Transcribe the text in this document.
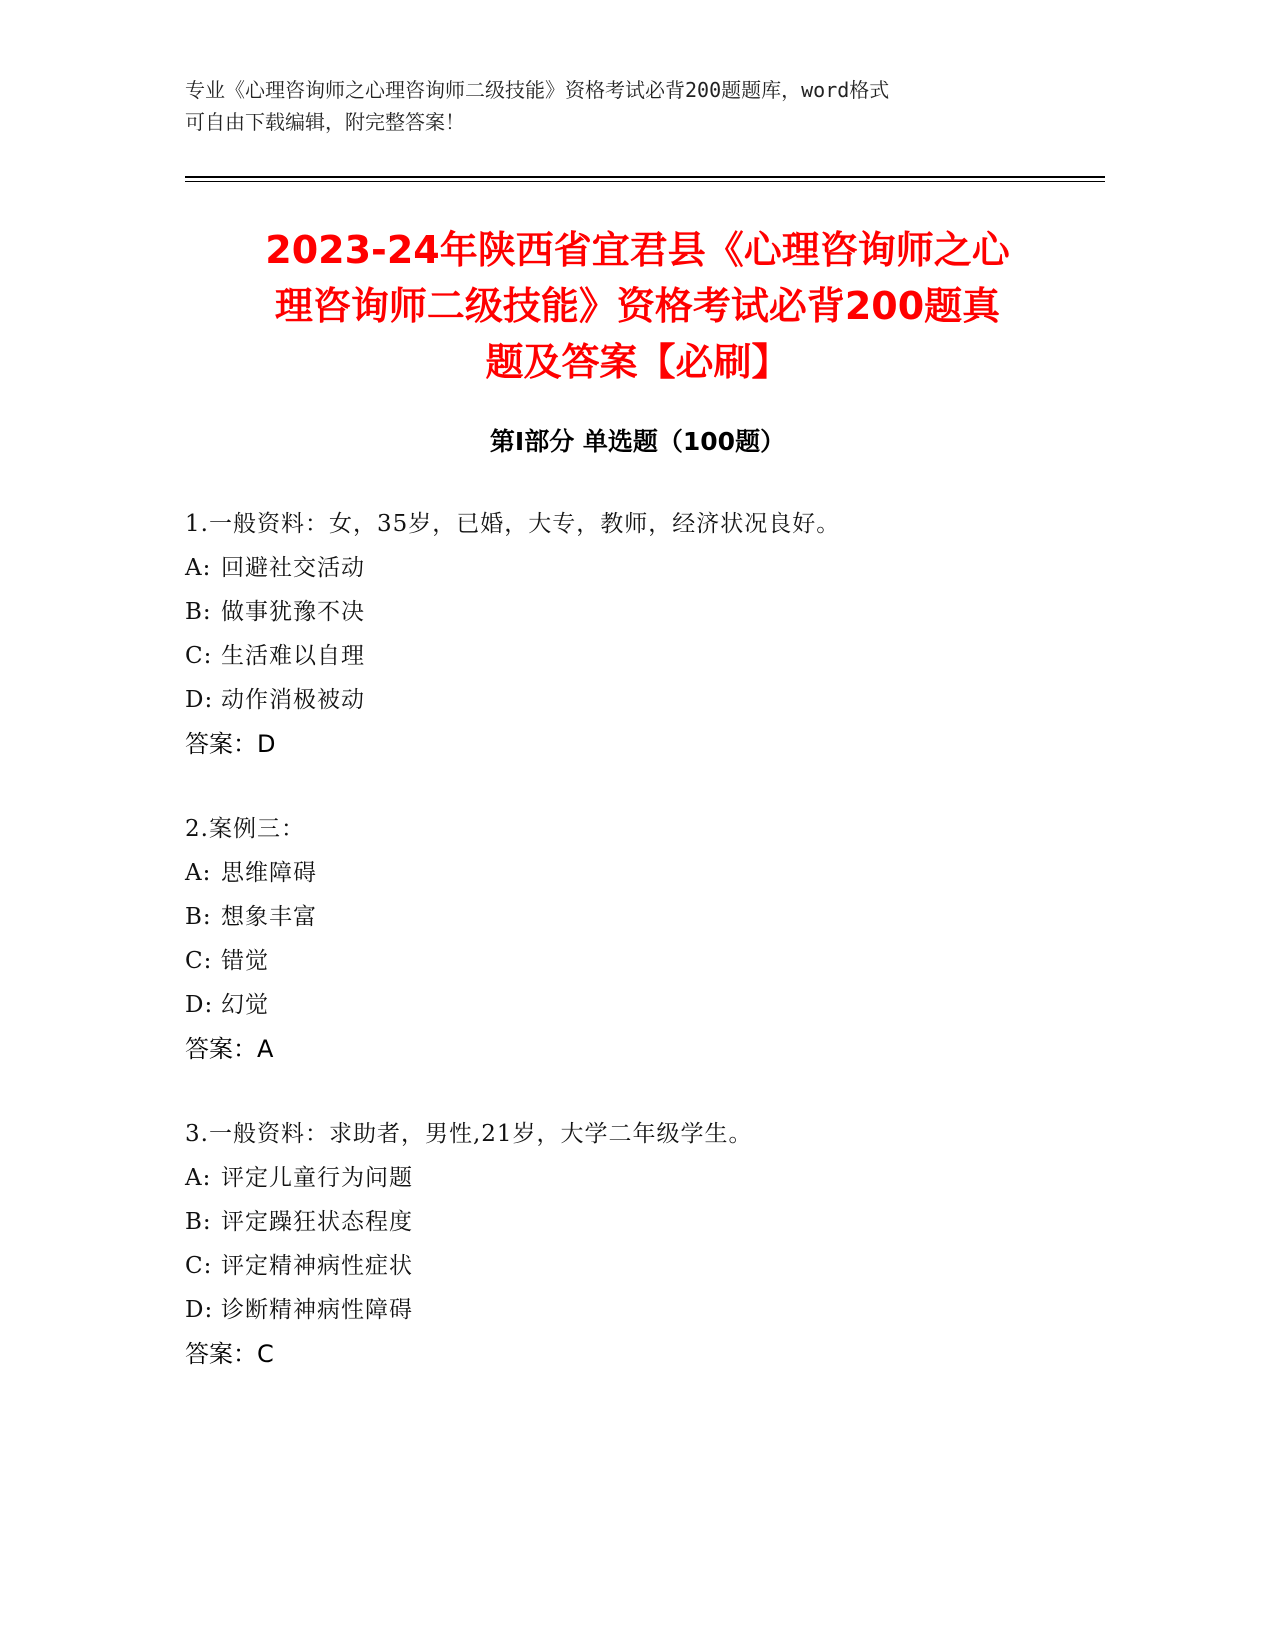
专业《心理咨询师之心理咨询师二级技能》资格考试必背200题题库，word格式
可自由下载编辑，附完整答案！
2023-24年陕西省宜君县《心理咨询师之心
理咨询师二级技能》资格考试必背200题真
题及答案【必刷】
第Ⅰ部分 单选题（100题）
1.一般资料：女，35岁，已婚，大专，教师，经济状况良好。
A: 回避社交活动
B: 做事犹豫不决
C: 生活难以自理
D: 动作消极被动
答案：D
2.案例三：
A: 思维障碍
B: 想象丰富
C: 错觉
D: 幻觉
答案：A
3.一般资料：求助者，男性,21岁，大学二年级学生。
A: 评定儿童行为问题
B: 评定躁狂状态程度
C: 评定精神病性症状
D: 诊断精神病性障碍
答案：C
